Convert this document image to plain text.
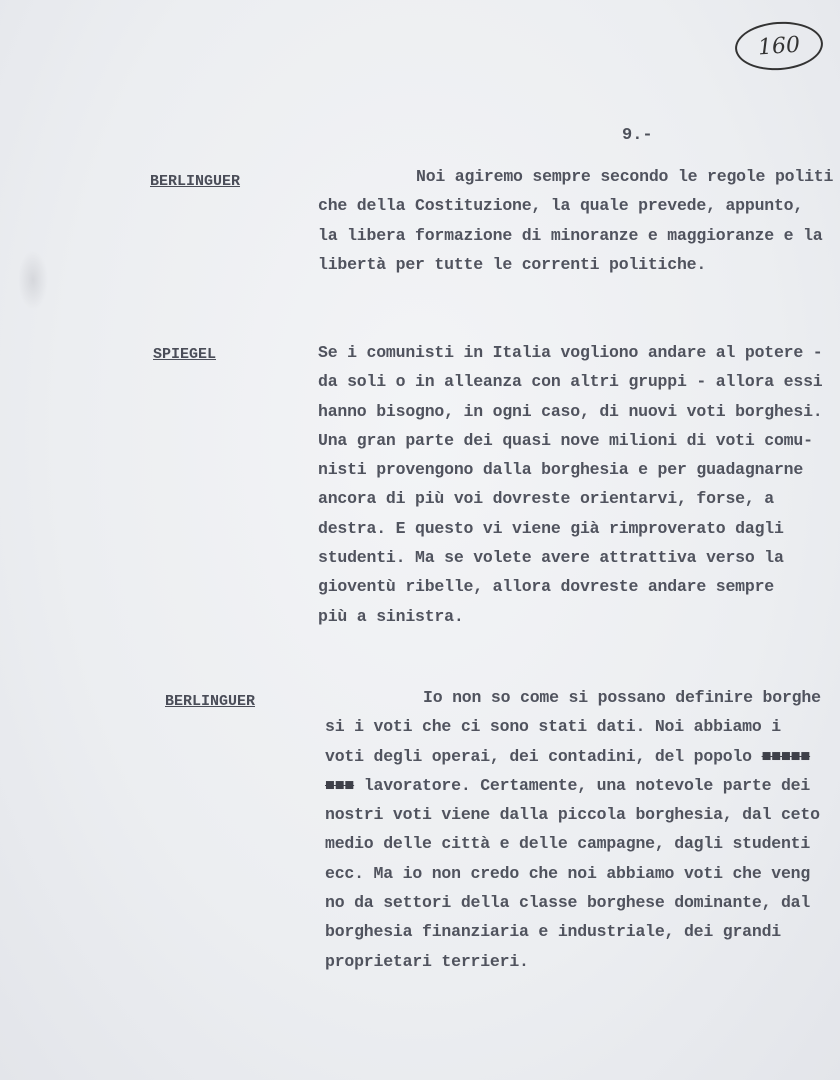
160
9.-
BERLINGUER	Noi agiremo sempre secondo le regole politi
che della Costituzione, la quale prevede, appunto,
la libera formazione di minoranze e maggioranze e la
libertà per tutte le correnti politiche.
SPIEGEL	Se i comunisti in Italia vogliono andare al potere -
da soli o in alleanza con altri gruppi - allora essi
hanno bisogno, in ogni caso, di nuovi voti borghesi.
Una gran parte dei quasi nove milioni di voti comu-
nisti provengono dalla borghesia e per guadagnarne
ancora di più voi dovreste orientarvi, forse, a
destra. E questo vi viene già rimproverato dagli
studenti. Ma se volete avere attrattiva verso la
gioventù ribelle, allora dovreste andare sempre
più a sinistra.
BERLINGUER	Io non so come si possano definire borghe
si i voti che ci sono stati dati. Noi abbiamo i
voti degli operai, dei contadini, del popolo ■■■■■
■■■ lavoratore. Certamente, una notevole parte dei
nostri voti viene dalla piccola borghesia, dal ceto
medio delle città e delle campagne, dagli studenti
ecc. Ma io non credo che noi abbiamo voti che veng
no da settori della classe borghese dominante, dal
borghesia finanziaria e industriale, dei grandi
proprietari terrieri.
